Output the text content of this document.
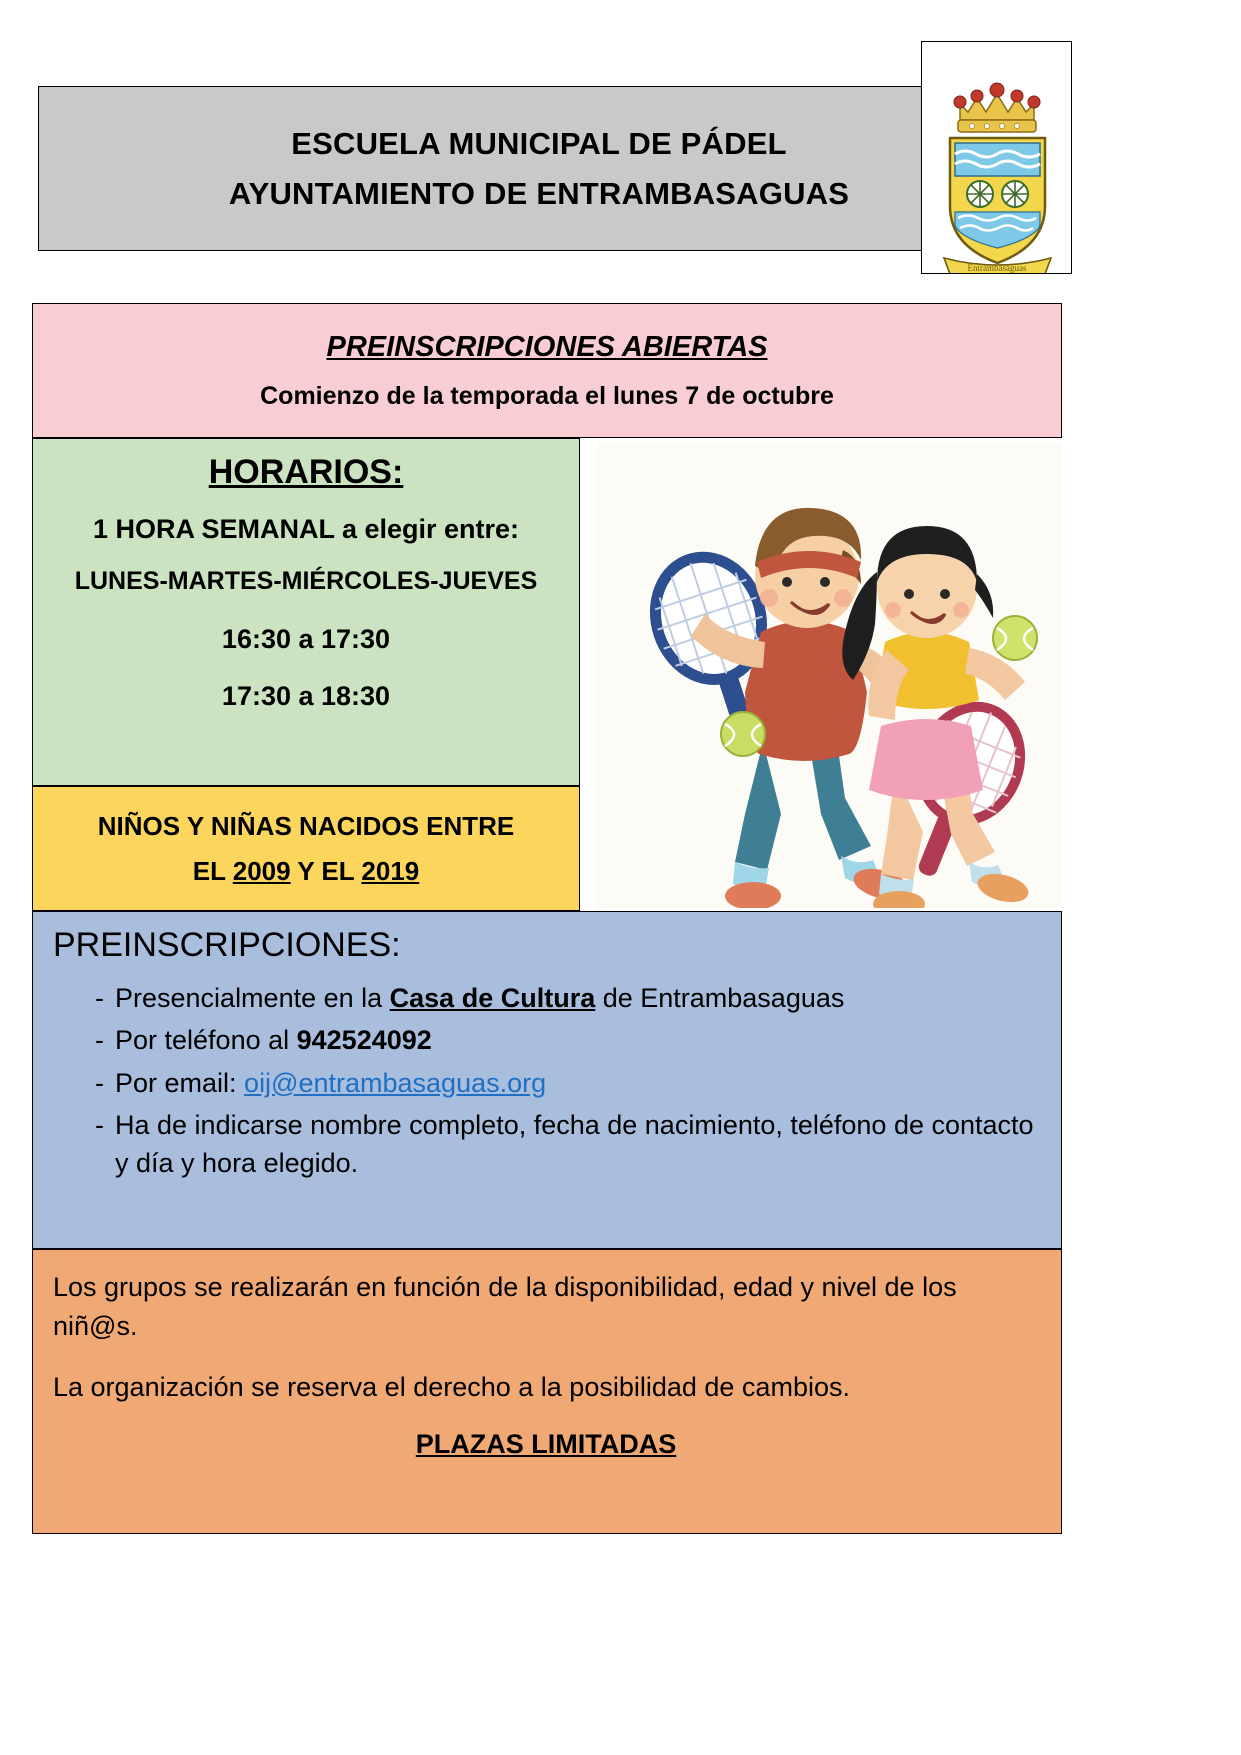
ESCUELA MUNICIPAL DE PÁDEL
AYUNTAMIENTO DE ENTRAMBASAGUAS
Entrambasaguas
PREINSCRIPCIONES ABIERTAS
Comienzo de la temporada el lunes 7 de octubre
HORARIOS:
1 HORA SEMANAL a elegir entre:
LUNES-MARTES-MIÉRCOLES-JUEVES
16:30 a 17:30
17:30 a 18:30
NIÑOS Y NIÑAS NACIDOS ENTRE
EL 2009 Y EL 2019
PREINSCRIPCIONES:
- Presencialmente en la Casa de Cultura de Entrambasaguas
- Por teléfono al 942524092
- Por email: oij@entrambasaguas.org
- Ha de indicarse nombre completo, fecha de nacimiento, teléfono de contacto y día y hora elegido.

Los grupos se realizarán en función de la disponibilidad, edad y nivel de los niñ@s.

La organización se reserva el derecho a la posibilidad de cambios.

PLAZAS LIMITADAS
